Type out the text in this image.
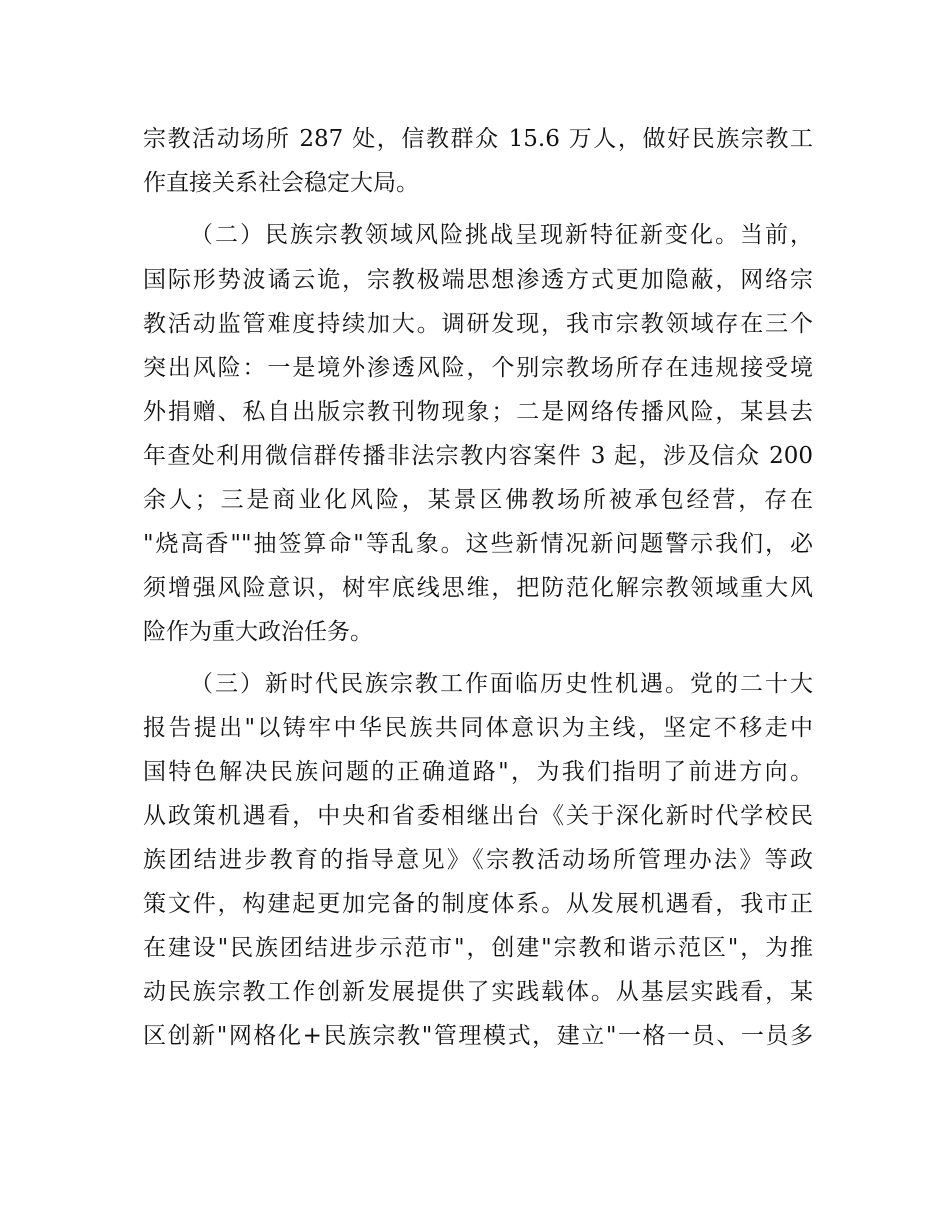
宗教活动场所 287 处，信教群众 15.6 万人，做好民族宗教工
作直接关系社会稳定大局。
（二）民族宗教领域风险挑战呈现新特征新变化。当前，
国际形势波谲云诡，宗教极端思想渗透方式更加隐蔽，网络宗
教活动监管难度持续加大。调研发现，我市宗教领域存在三个
突出风险：一是境外渗透风险，个别宗教场所存在违规接受境
外捐赠、私自出版宗教刊物现象；二是网络传播风险，某县去
年查处利用微信群传播非法宗教内容案件 3 起，涉及信众 200
余人；三是商业化风险，某景区佛教场所被承包经营，存在
"烧高香""抽签算命"等乱象。这些新情况新问题警示我们，必
须增强风险意识，树牢底线思维，把防范化解宗教领域重大风
险作为重大政治任务。
（三）新时代民族宗教工作面临历史性机遇。党的二十大
报告提出"以铸牢中华民族共同体意识为主线，坚定不移走中
国特色解决民族问题的正确道路"，为我们指明了前进方向。
从政策机遇看，中央和省委相继出台《关于深化新时代学校民
族团结进步教育的指导意见》《宗教活动场所管理办法》等政
策文件，构建起更加完备的制度体系。从发展机遇看，我市正
在建设"民族团结进步示范市"，创建"宗教和谐示范区"，为推
动民族宗教工作创新发展提供了实践载体。从基层实践看，某
区创新"网格化+民族宗教"管理模式，建立"一格一员、一员多
